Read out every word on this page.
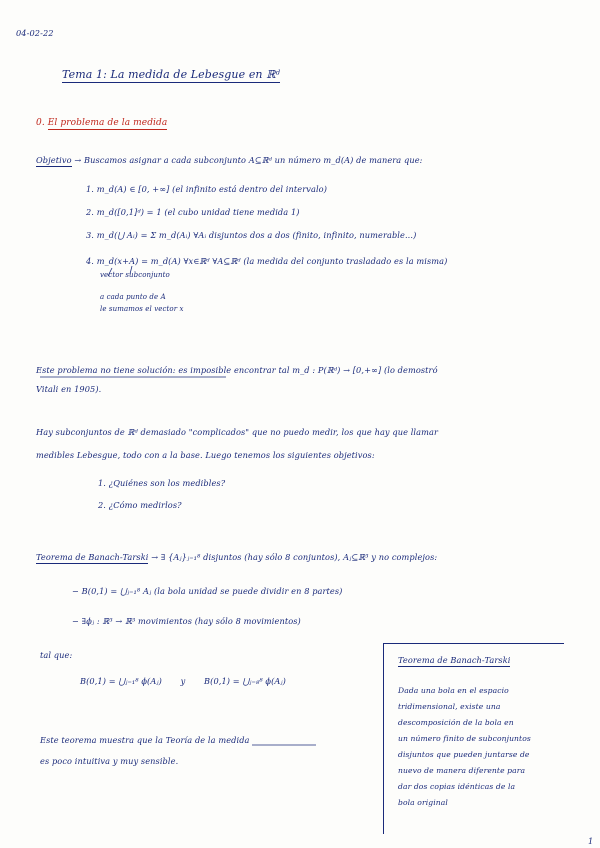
04-02-22
Tema 1: La medida de Lebesgue en ℝᵈ
0. El problema de la medida
Objetivo → Buscamos asignar a cada subconjunto A⊆ℝᵈ un número m_d(A) de manera que:
1. m_d(A) ∈ [0, +∞] (el infinito está dentro del intervalo)
2. m_d([0,1]ᵈ) = 1 (el cubo unidad tiene medida 1)
3. m_d(⋃ Aᵢ) = Σ m_d(Aᵢ) ∀Aᵢ disjuntos dos a dos (finito, infinito, numerable...)
4. m_d(x+A) = m_d(A) ∀x∈ℝᵈ ∀A⊆ℝᵈ (la medida del conjunto trasladado es la misma)
vector subconjunto
a cada punto de A
le sumamos el vector x
Este problema no tiene solución: es imposible encontrar tal m_d : P(ℝᵈ) → [0,+∞] (lo demostró
Vitali en 1905).
Hay subconjuntos de ℝᵈ demasiado "complicados" que no puedo medir, los que hay que llamar
medibles Lebesgue, todo con a la base. Luego tenemos los siguientes objetivos:
1. ¿Quiénes son los medibles?
2. ¿Cómo medirlos?
Teorema de Banach-Tarski → ∃ {Aⱼ}ⱼ₌₁⁸ disjuntos (hay sólo 8 conjuntos), Aⱼ⊆ℝ³ y no complejos:
− B(0,1) = ⋃ⱼ₌₁⁸ Aⱼ (la bola unidad se puede dividir en 8 partes)
− ∃ϕⱼ : ℝ³ → ℝ³ movimientos (hay sólo 8 movimientos)
tal que:
B(0,1) = ⋃ⱼ₌₁⁸ ϕ(Aⱼ) y B(0,1) = ⋃ⱼ₌₈⁸ ϕ(Aⱼ)
Este teorema muestra que la Teoría de la medida
es poco intuitiva y muy sensible.
Teorema de Banach-Tarski
Dada una bola en el espacio
tridimensional, existe una
descomposición de la bola en
un número finito de subconjuntos
disjuntos que pueden juntarse de
nuevo de manera diferente para
dar dos copias idénticas de la
bola original
1
